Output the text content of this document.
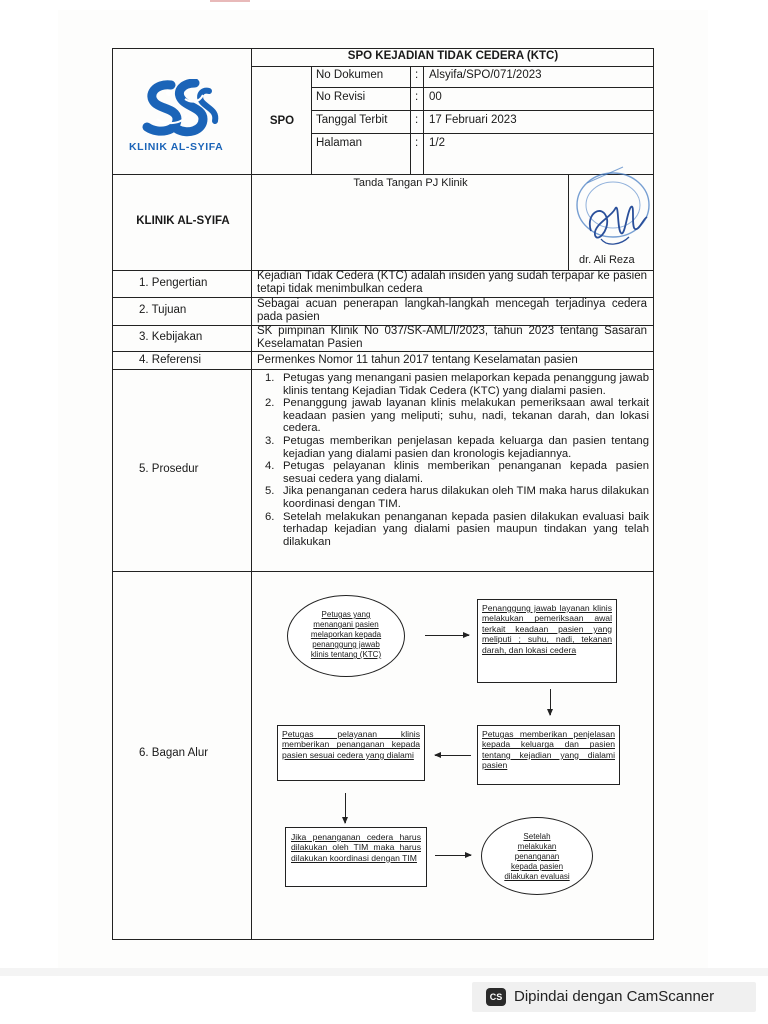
KLINIK AL-SYIFA
SPO KEJADIAN TIDAK CEDERA (KTC)
SPO
No Dokumen	: Alsyifa/SPO/071/2023
No Revisi	: 00
Tanggal Terbit : 17 Februari 2023
Halaman	: 1/2
KLINIK AL-SYIFA
Tanda Tangan PJ Klinik
dr. Ali Reza
1. Pengertian
Kejadian Tidak Cedera (KTC) adalah insiden yang sudah terpapar ke pasien tetapi tidak menimbulkan cedera
2. Tujuan	Sebagai acuan penerapan langkah-langkah mencegah terjadinya cedera pada pasien
3. Kebijakan	SK pimpinan Klinik No 037/SK-AML/I/2023, tahun 2023 tentang Sasaran Keselamatan Pasien
4. Referensi	Permenkes Nomor 11 tahun 2017 tentang Keselamatan pasien
5. Prosedur
1. Petugas yang menangani pasien melaporkan kepada penanggung jawab klinis tentang Kejadian Tidak Cedera (KTC) yang dialami pasien.
2. Penanggung jawab layanan klinis melakukan pemeriksaan awal terkait keadaan pasien yang meliputi; suhu, nadi, tekanan darah, dan lokasi cedera.
3. Petugas memberikan penjelasan kepada keluarga dan pasien tentang kejadian yang dialami pasien dan kronologis kejadiannya.
4. Petugas pelayanan klinis memberikan penanganan kepada pasien sesuai cedera yang dialami.
5. Jika penanganan cedera harus dilakukan oleh TIM maka harus dilakukan koordinasi dengan TIM.
6. Setelah melakukan penanganan kepada pasien dilakukan evaluasi baik terhadap kejadian yang dialami pasien maupun tindakan yang telah dilakukan
6. Bagan Alur
Petugas yang
menangani pasien
melaporkan kepada
penanggung jawab
klinis tentang (KTC)
Penanggung jawab layanan klinis melakukan pemeriksaan awal terkait keadaan pasien yang meliputi ; suhu, nadi, tekanan darah, dan lokasi cedera
Petugas memberikan penjelasan kepada keluarga dan pasien tentang kejadian yang dialami pasien
Petugas pelayanan klinis memberikan penanganan kepada pasien sesuai cedera yang dialami
Jika penanganan cedera harus dilakukan oleh TIM maka harus dilakukan koordinasi dengan TIM
Setelah
melakukan
penanganan
kepada pasien
dilakukan evaluasi
CS Dipindai dengan CamScanner
